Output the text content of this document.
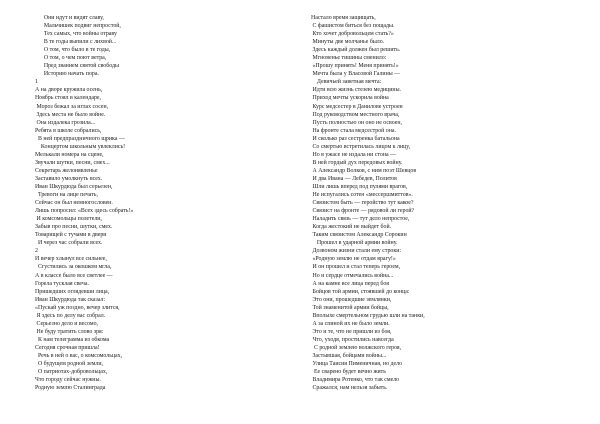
Они идут и видят славу,
Мальчишек подвиг непростой,
Тех самых, что войны отраву
В те годы выпили с лихвой...
О том, что было в те годы,
О том, о чем поют ветра,
Пред званием святой свободы
Историю начать пора.
1
А на дворе кружила осень,
Ноябрь стоял в календаре,
Мороз бежал за иглах сосен,
Здесь места не было войне.
Она издалека грозила...
Ребята в школе собрались,
В ней предпраздничного щрикa —
Концертом школьным увлеклись!
Мелькали номера на сцене,
Звучали шутки, песни, смех...
Секретарь желонявленье
Заставило умолкнуть всех.
Иван Шкурдюда был серьезен,
Тревоги на лице печать,
Сейчас он был немногословен.
Лишь попросил: «Всех здесь собрать!»
И комсомольцы полетели,
Забыв про песни, шутки, смех.
Товарищей с тучами в двери
И через час собрали всех.
2
И вечер хлынул все сильнее,
Сгустились за окошком мгла,
А в классе было все светлее —
Горела тусклая свеча.
Пришедших оглядевши лица,
Иван Шкурдюда так сказал:
«Пускай уж поздно, вечер злится,
Я здесь по делу вас собрал.
Серьезно дело и весомо,
Не буду тратить слово зря:
К нам телеграмма из обкома
Сегодня срочная пришла!
Речь в ней о вас, о комсомольцах,
О будущем родной земли,
О патриотах-добровольцах,
Что городу сейчас нужны.
Родную землю Сталинграда
Настало время защищать,
С фашистом биться без пощады.
Кто хочет добровольцем стать?»
Минуты две молчанье было.
Здесь каждый должен был решить.
Мгновенье тишины сменило:
«Прошу принять! Меня принять!»
Мечта была у Власовой Галины —
Девичьей заветная мечта:
Идти всю жизнь стезею медицины.
Приход мечты ускорила война
Курс медсестер в Данилове устроен
Под руководством местного врача,
Пусть полностью он оно не освоен,
На фронте стала медсестрой она.
И сколько раз сестренка батальона
Со смертью встретилась лицом к лицу,
Но в ужасе не издала ни стона —
В ней гордый дух передовых войну.
А Александр Волков, с ним поэт Шевцов
И два Ивана — Лебедев, Политов
Шли лишь вперед под пулями врагов,
Не испугались сотен «мессершмиттов».
Связистом быть — геройство тут какое?
Связист на фронте — рядовой ли герой?
Наладить связь — тут дело непростое,
Когда жестокий не выйдет бой.
Таким связистом Александр Сорокин
Прошел в ударной армии войну.
Дозвоном жизни стали ему строки:
«Родную землю не отдам врагу!»
И он прошел и стал теперь героем,
Но и сердце отмечались война...
А на камне все лица перед боя
Бойцов той армии, стоявшей до конца:
Это они, прошедшие землянки,
Той знаменитой армии бойцы,
Вполыхе смертельном грудью шли на танки,
А за спиной их не было земли.
Это и те, что не пришли из боя,
Что, уходя, простились навсегда
С родной землею волжского героя,
Застывшая, бойцами войны...
Улица Таисия Пименичная, но дело
Ее сварено будет вечно жить
Владимира Ротенко, что так смело
Сражался, нам нельзя забыть.
